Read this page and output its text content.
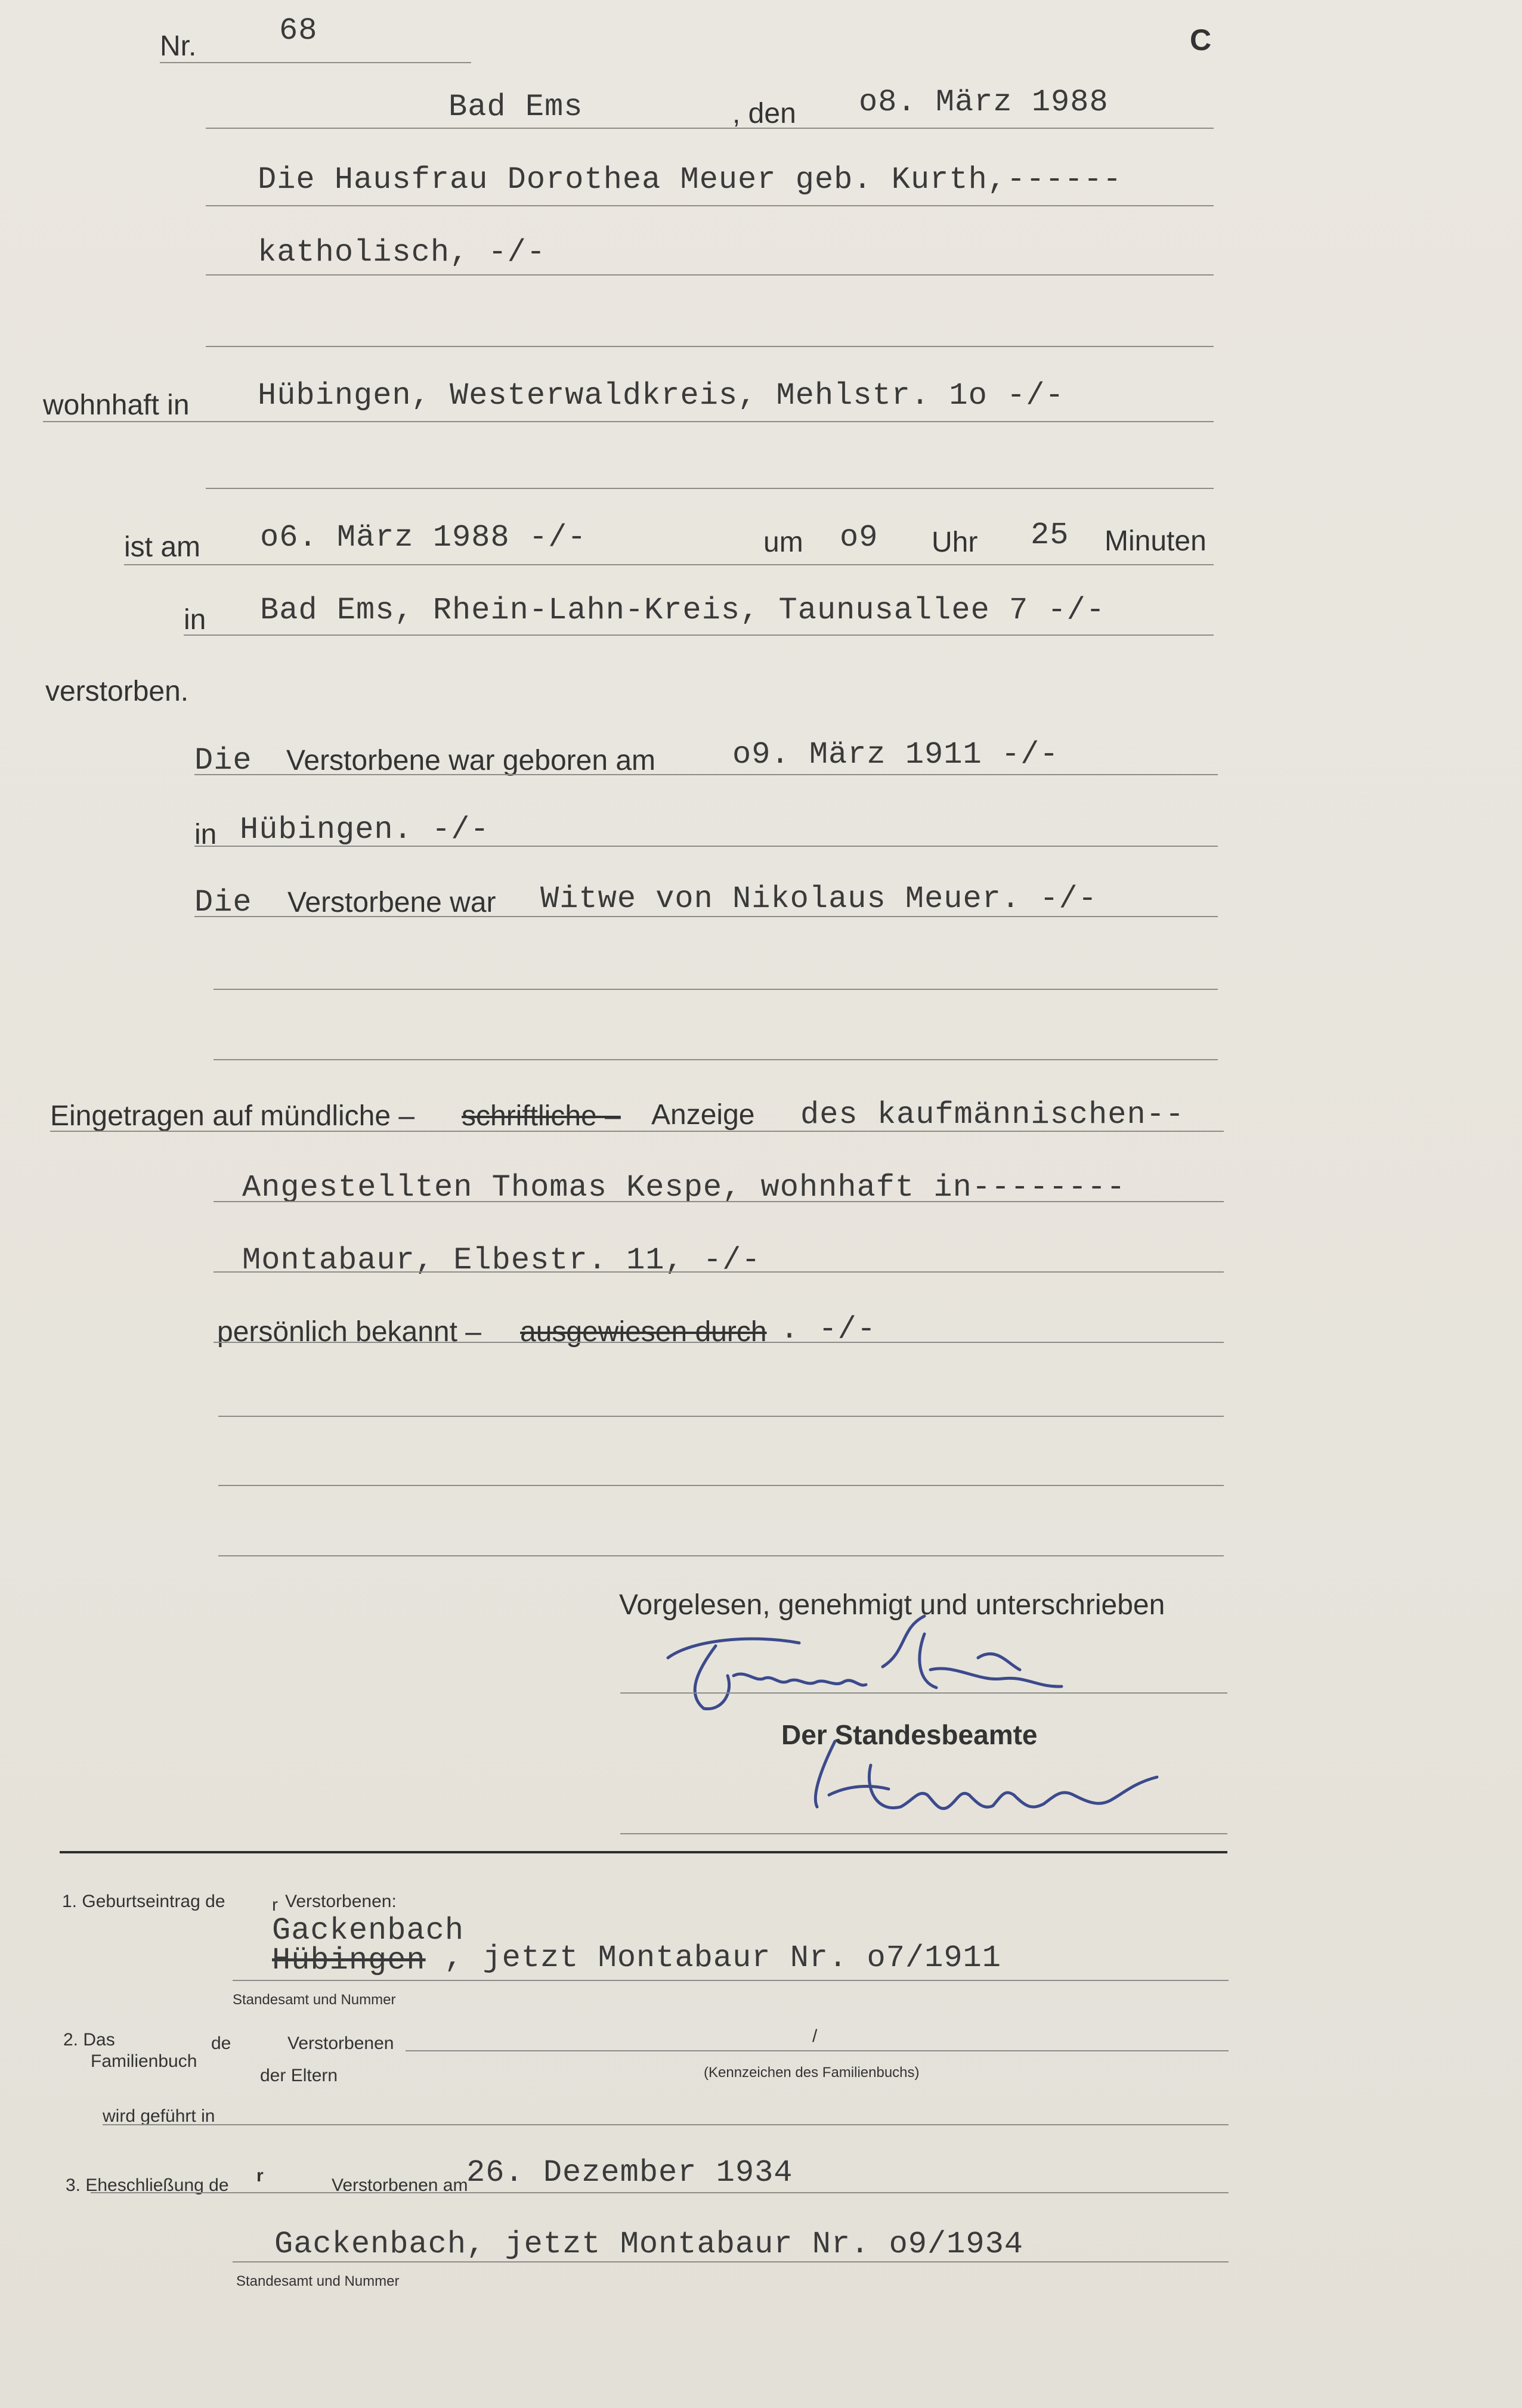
Nr.	68	C
Bad Ems	, den o8. März 1988
Die Hausfrau Dorothea Meuer geb. Kurth,------
katholisch, -/-
wohnhaft in Hübingen, Westerwaldkreis, Mehlstr. 1o -/-
ist am o6. März 1988 -/-	um o9 Uhr 25 Minuten
in Bad Ems, Rhein-Lahn-Kreis, Taunusallee 7 -/-
verstorben.
Die Verstorbene war geboren am o9. März 1911 -/-
in Hübingen. -/-
Die Verstorbene war Witwe von Nikolaus Meuer. -/-
Eingetragen auf mündliche – schriftliche – Anzeige des kaufmännischen--
Angestellten Thomas Kespe, wohnhaft in--------
Montabaur, Elbestr. 11, -/-
persönlich bekannt – ausgewiesen durch . -/-
Vorgelesen, genehmigt und unterschrieben
Der Standesbeamte
1. Geburtseintrag de	r Verstorbenen:
Gackenbach
Hübingen , jetzt Montabaur Nr. o7/1911
Standesamt und Nummer
2. Das
Familienbuch
de	Verstorbenen
der Eltern
/
(Kennzeichen des Familienbuchs)
wird geführt in
3. Eheschließung de r	Verstorbenen am
26. Dezember 1934
Gackenbach, jetzt Montabaur Nr. o9/1934
Standesamt und Nummer
